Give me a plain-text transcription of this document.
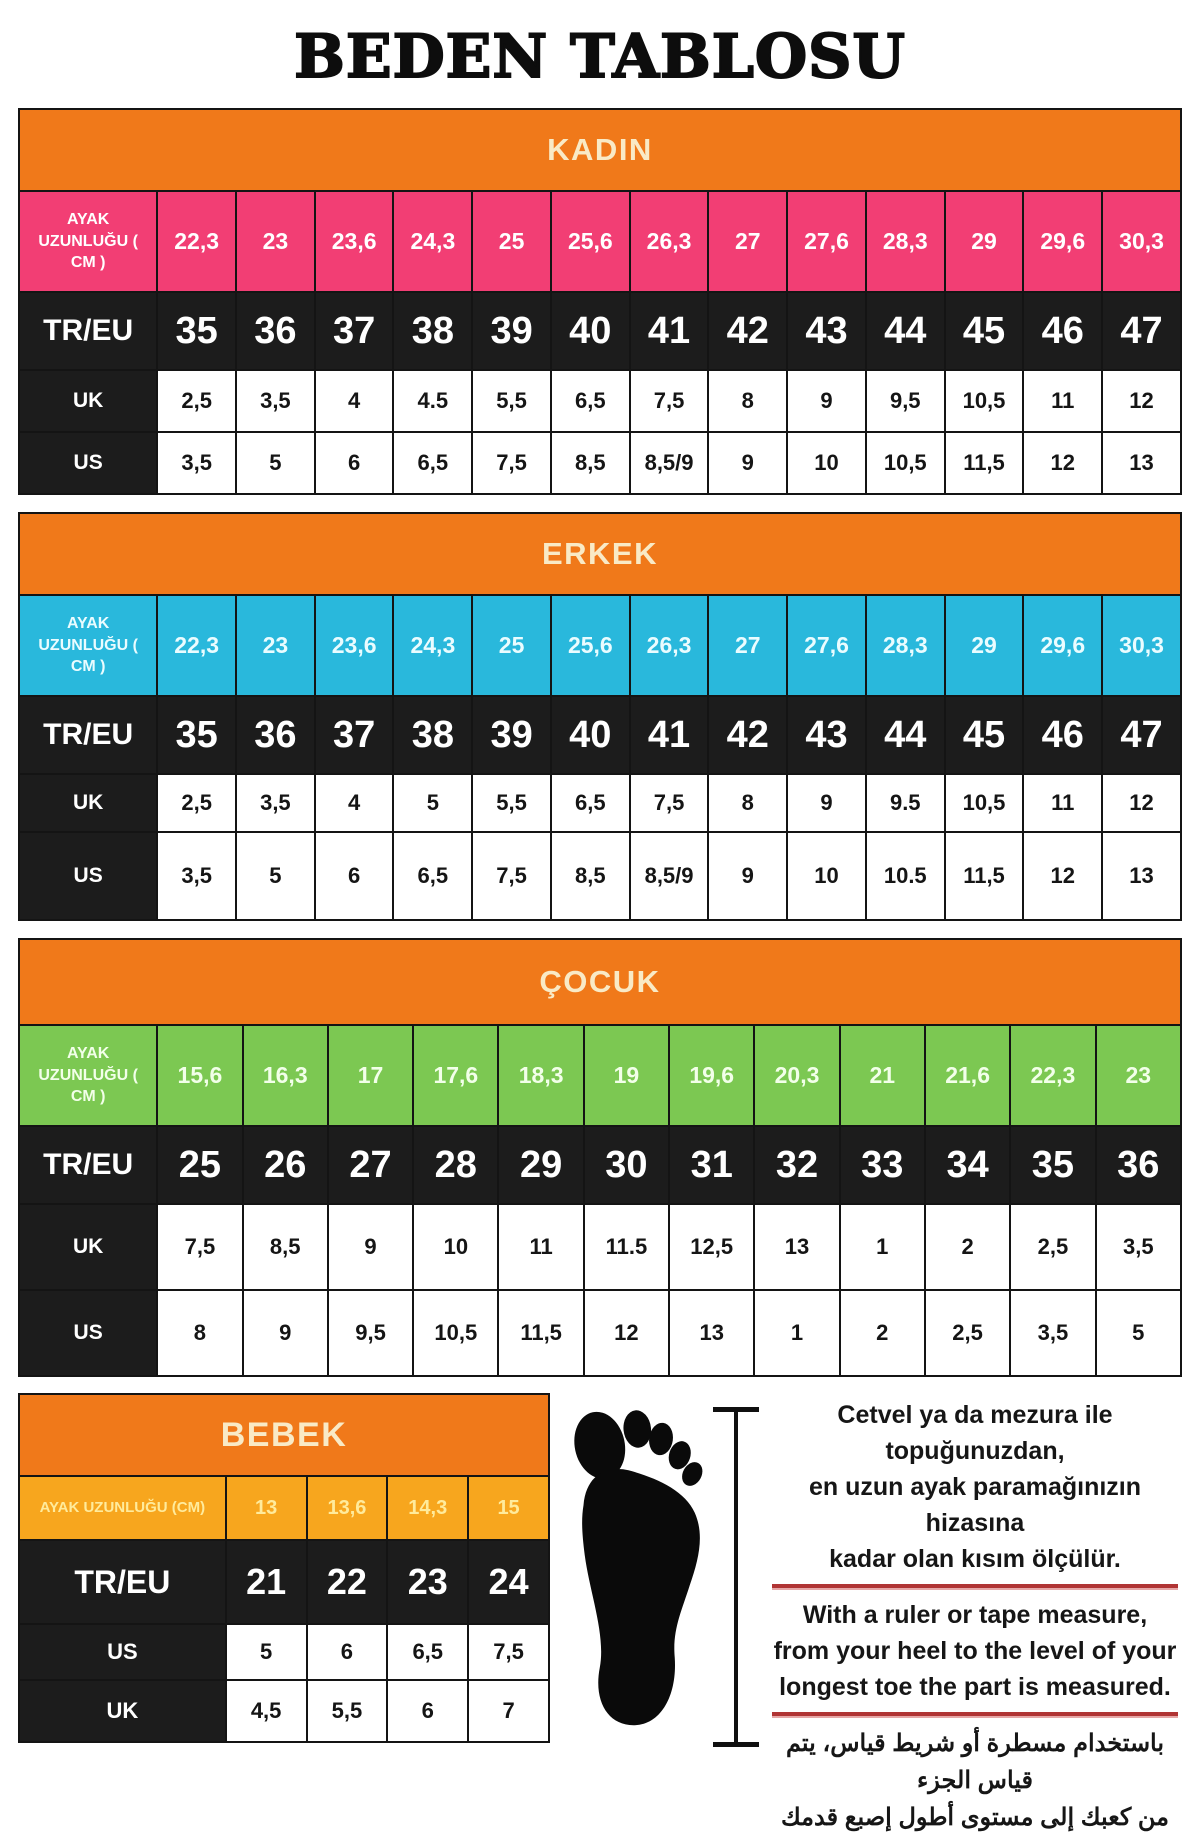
BEDEN TABLOSU
KADIN													
AYAK UZUNLUĞU ( CM )	22,3	23	23,6	24,3	25	25,6	26,3	27	27,6	28,3	29	29,6	30,3
TR/EU	35	36	37	38	39	40	41	42	43	44	45	46	47
UK	2,5	3,5	4	4.5	5,5	6,5	7,5	8	9	9,5	10,5	11	12
US	3,5	5	6	6,5	7,5	8,5	8,5/9	9	10	10,5	11,5	12	13
ERKEK													
AYAK UZUNLUĞU ( CM )	22,3	23	23,6	24,3	25	25,6	26,3	27	27,6	28,3	29	29,6	30,3
TR/EU	35	36	37	38	39	40	41	42	43	44	45	46	47
UK	2,5	3,5	4	5	5,5	6,5	7,5	8	9	9.5	10,5	11	12
US	3,5	5	6	6,5	7,5	8,5	8,5/9	9	10	10.5	11,5	12	13
ÇOCUK												
AYAK UZUNLUĞU ( CM )	15,6	16,3	17	17,6	18,3	19	19,6	20,3	21	21,6	22,3	23
TR/EU	25	26	27	28	29	30	31	32	33	34	35	36
UK	7,5	8,5	9	10	11	11.5	12,5	13	1	2	2,5	3,5
US	8	9	9,5	10,5	11,5	12	13	1	2	2,5	3,5	5
BEBEK				
AYAK UZUNLUĞU (CM)	13	13,6	14,3	15
TR/EU	21	22	23	24
US	5	6	6,5	7,5
UK	4,5	5,5	6	7

Cetvel ya da mezura ile topuğunuzdan,

en uzun ayak paramağınızın hizasına

kadar olan kısım ölçülür.

With a ruler or tape measure,

from your heel to the level of your

longest toe the part is measured.

باستخدام مسطرة أو شريط قياس، يتم قياس الجزء

من كعبك إلى مستوى أطول إصبع قدمك
